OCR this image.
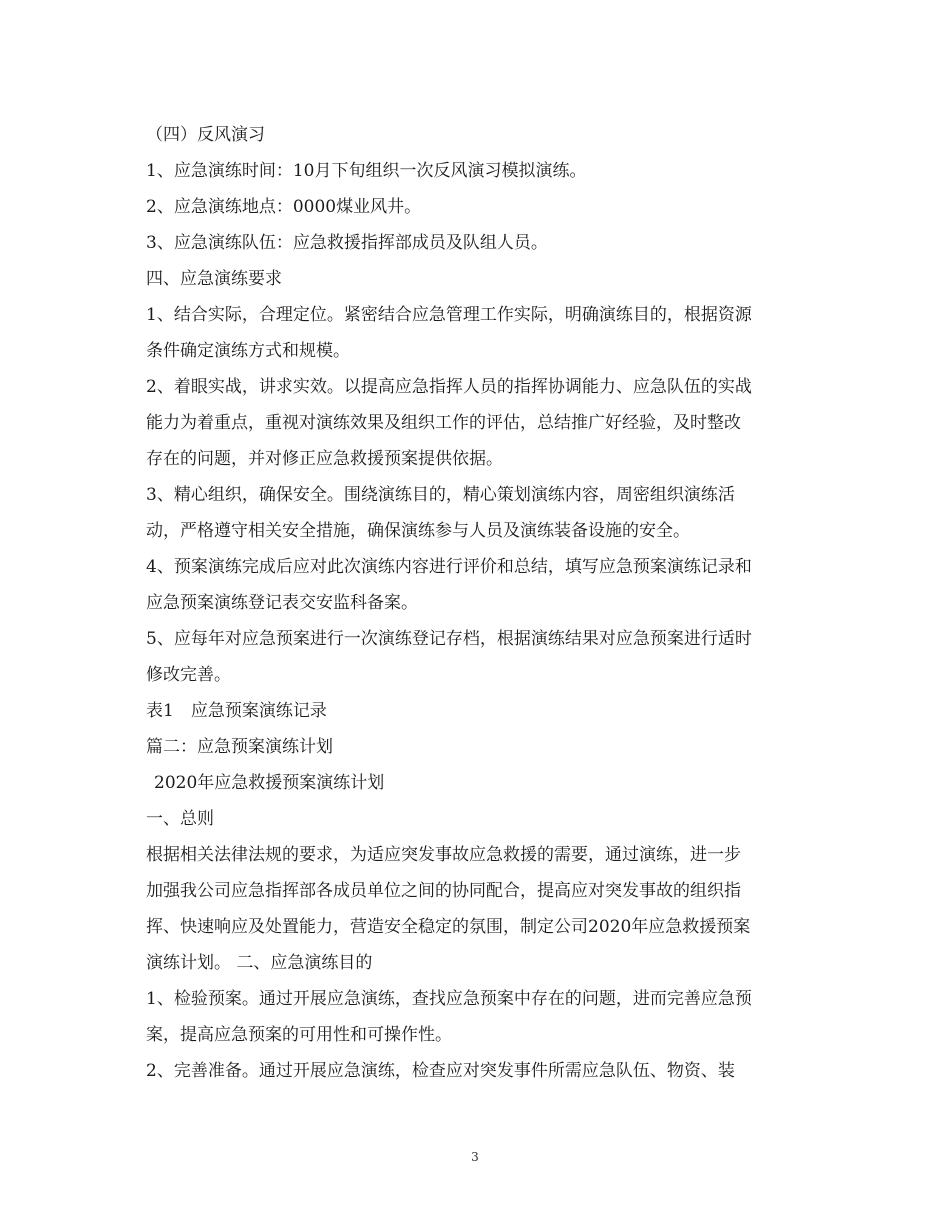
（四）反风演习
1、应急演练时间：10月下旬组织一次反风演习模拟演练。
2、应急演练地点：0000煤业风井。
3、应急演练队伍：应急救援指挥部成员及队组人员。
四、应急演练要求
1、结合实际，合理定位。紧密结合应急管理工作实际，明确演练目的，根据资源
条件确定演练方式和规模。
2、着眼实战，讲求实效。以提高应急指挥人员的指挥协调能力、应急队伍的实战
能力为着重点，重视对演练效果及组织工作的评估，总结推广好经验，及时整改
存在的问题，并对修正应急救援预案提供依据。
3、精心组织，确保安全。围绕演练目的，精心策划演练内容，周密组织演练活
动，严格遵守相关安全措施，确保演练参与人员及演练装备设施的安全。
4、预案演练完成后应对此次演练内容进行评价和总结，填写应急预案演练记录和
应急预案演练登记表交安监科备案。
5、应每年对应急预案进行一次演练登记存档，根据演练结果对应急预案进行适时
修改完善。
表1　应急预案演练记录
篇二：应急预案演练计划
2020年应急救援预案演练计划
一、总则
根据相关法律法规的要求，为适应突发事故应急救援的需要，通过演练，进一步
加强我公司应急指挥部各成员单位之间的协同配合，提高应对突发事故的组织指
挥、快速响应及处置能力，营造安全稳定的氛围，制定公司2020年应急救援预案
演练计划。 二、应急演练目的
1、检验预案。通过开展应急演练，查找应急预案中存在的问题，进而完善应急预
案，提高应急预案的可用性和可操作性。
2、完善准备。通过开展应急演练，检查应对突发事件所需应急队伍、物资、装
3
